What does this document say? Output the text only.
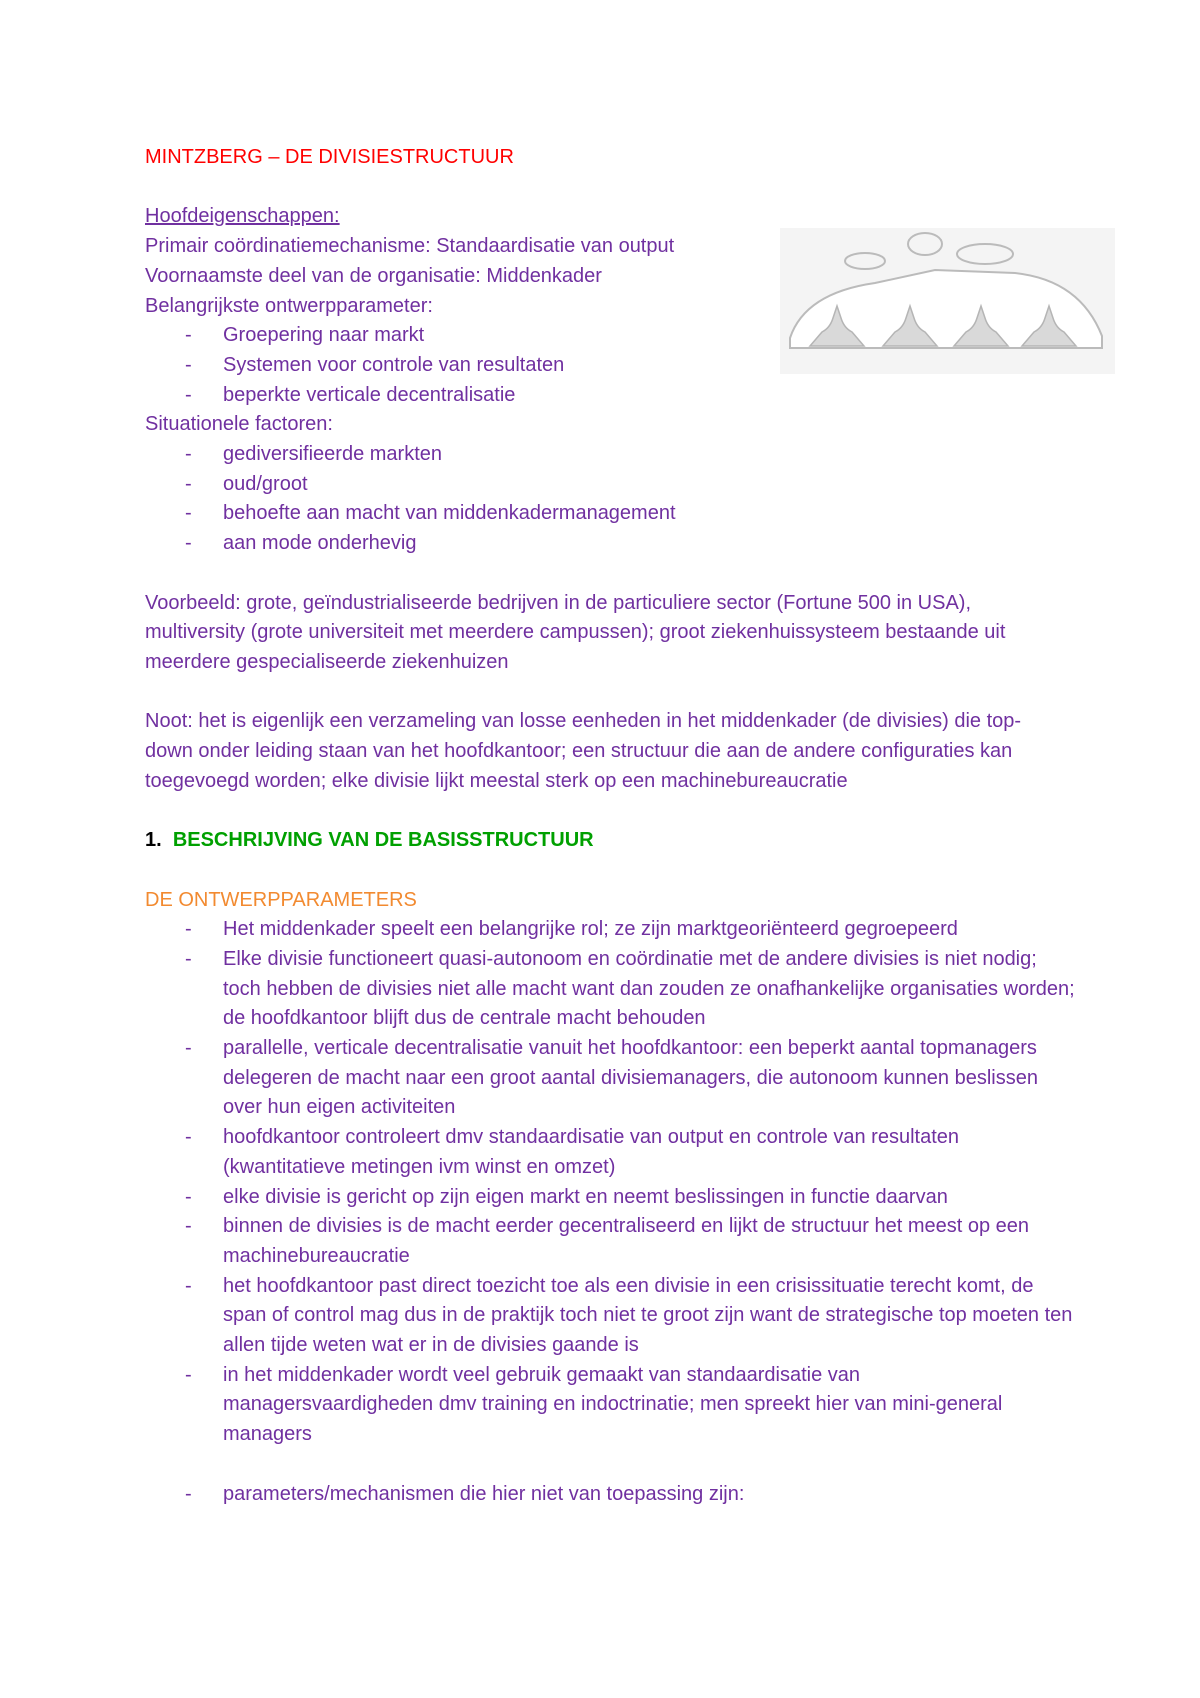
MINTZBERG – DE DIVISIESTRUCTUUR
Hoofdeigenschappen:
Primair coördinatiemechanisme: Standaardisatie van output
Voornaamste deel van de organisatie: Middenkader
Belangrijkste ontwerpparameter:
-	Groepering naar markt
-	Systemen voor controle van resultaten
-	beperkte verticale decentralisatie
Situationele factoren:
-	gediversifieerde markten
-	oud/groot
-	behoefte aan macht van middenkadermanagement
-	aan mode onderhevig
Voorbeeld: grote, geïndustrialiseerde bedrijven in de particuliere sector (Fortune 500 in USA), multiversity (grote universiteit met meerdere campussen); groot ziekenhuissysteem bestaande uit meerdere gespecialiseerde ziekenhuizen
Noot: het is eigenlijk een verzameling van losse eenheden in het middenkader (de divisies) die top-down onder leiding staan van het hoofdkantoor; een structuur die aan de andere configuraties kan toegevoegd worden; elke divisie lijkt meestal sterk op een machinebureaucratie
1. BESCHRIJVING VAN DE BASISSTRUCTUUR
DE ONTWERPPARAMETERS
-	Het middenkader speelt een belangrijke rol; ze zijn marktgeoriënteerd gegroepeerd
-	Elke divisie functioneert quasi-autonoom en coördinatie met de andere divisies is niet nodig; toch hebben de divisies niet alle macht want dan zouden ze onafhankelijke organisaties worden; de hoofdkantoor blijft dus de centrale macht behouden
-	parallelle, verticale decentralisatie vanuit het hoofdkantoor: een beperkt aantal topmanagers delegeren de macht naar een groot aantal divisiemanagers, die autonoom kunnen beslissen over hun eigen activiteiten
-	hoofdkantoor controleert dmv standaardisatie van output en controle van resultaten (kwantitatieve metingen ivm winst en omzet)
-	elke divisie is gericht op zijn eigen markt en neemt beslissingen in functie daarvan
-	binnen de divisies is de macht eerder gecentraliseerd en lijkt de structuur het meest op een machinebureaucratie
-	het hoofdkantoor past direct toezicht toe als een divisie in een crisissituatie terecht komt, de span of control mag dus in de praktijk toch niet te groot zijn want de strategische top moeten ten allen tijde weten wat er in de divisies gaande is
-	in het middenkader wordt veel gebruik gemaakt van standaardisatie van managersvaardigheden dmv training en indoctrinatie; men spreekt hier van mini-general managers
-	parameters/mechanismen die hier niet van toepassing zijn:
